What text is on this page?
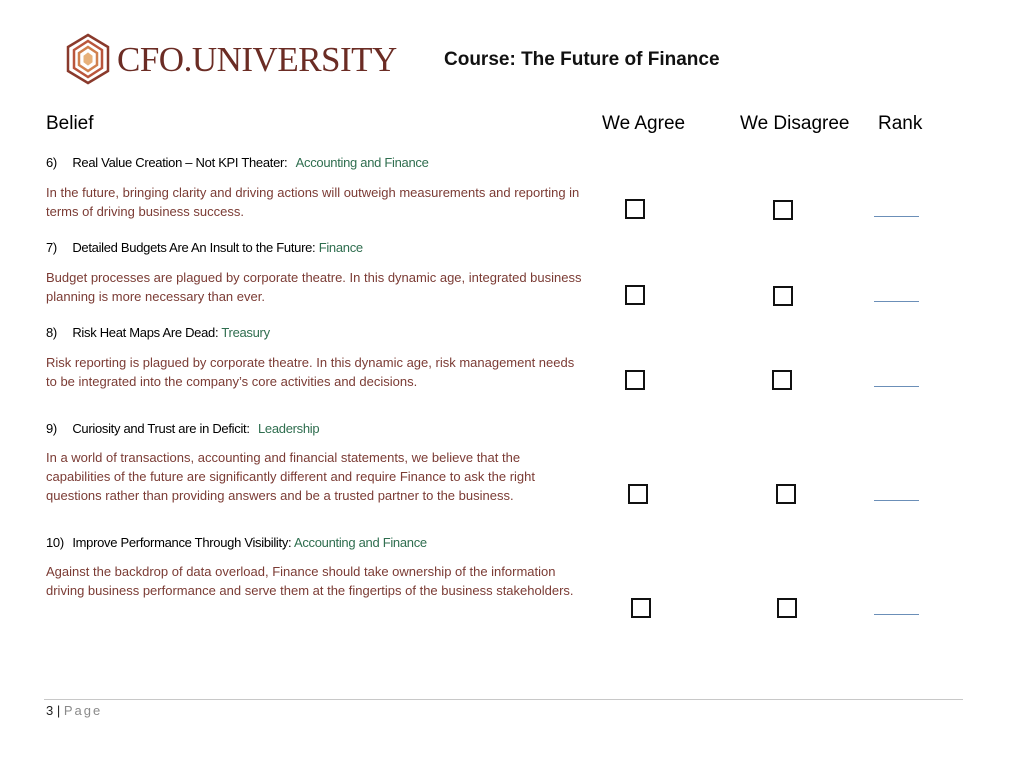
CFO.UNIVERSITY Course: The Future of Finance
Belief	We Agree	We Disagree Rank
6) Real Value Creation – Not KPI Theater: Accounting and Finance
In the future, bringing clarity and driving actions will outweigh measurements and reporting in terms of driving business success.
7) Detailed Budgets Are An Insult to the Future: Finance
Budget processes are plagued by corporate theatre. In this dynamic age, integrated business planning is more necessary than ever.
8) Risk Heat Maps Are Dead: Treasury
Risk reporting is plagued by corporate theatre. In this dynamic age, risk management needs to be integrated into the company’s core activities and decisions.
9) Curiosity and Trust are in Deficit: Leadership
In a world of transactions, accounting and financial statements, we believe that the capabilities of the future are significantly different and require Finance to ask the right questions rather than providing answers and be a trusted partner to the business.
10) Improve Performance Through Visibility: Accounting and Finance
Against the backdrop of data overload, Finance should take ownership of the information driving business performance and serve them at the fingertips of the business stakeholders.
3 | Page
